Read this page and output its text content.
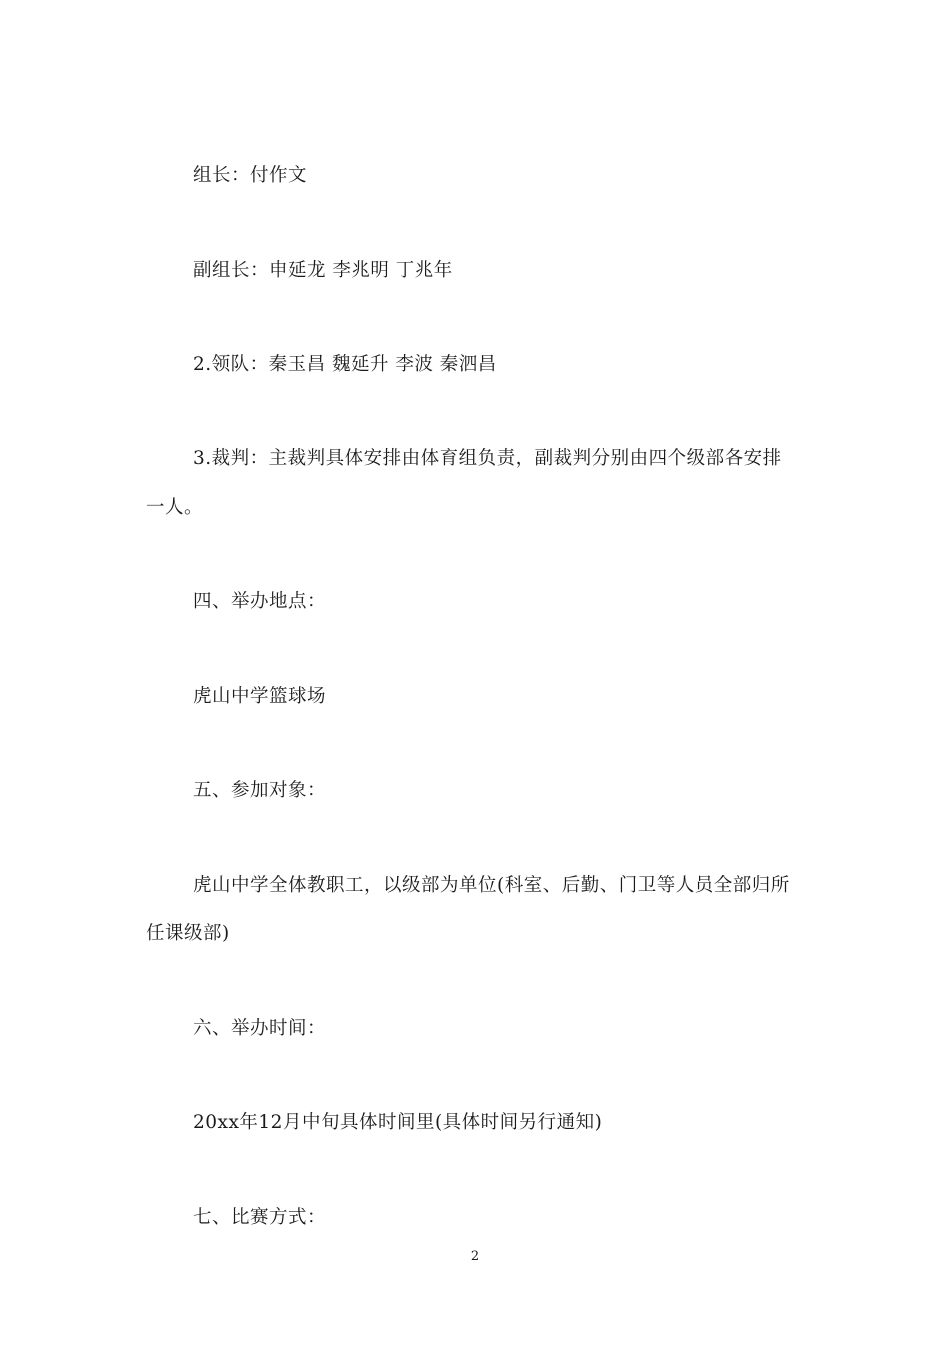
组长：付作文
副组长：申延龙 李兆明 丁兆年
2.领队：秦玉昌 魏延升 李波 秦泗昌
3.裁判：主裁判具体安排由体育组负责，副裁判分别由四个级部各安排
一人。
四、举办地点：
虎山中学篮球场
五、参加对象：
虎山中学全体教职工，以级部为单位(科室、后勤、门卫等人员全部归所
任课级部)
六、举办时间：
20xx年12月中旬具体时间里(具体时间另行通知)
七、比赛方式：
2
